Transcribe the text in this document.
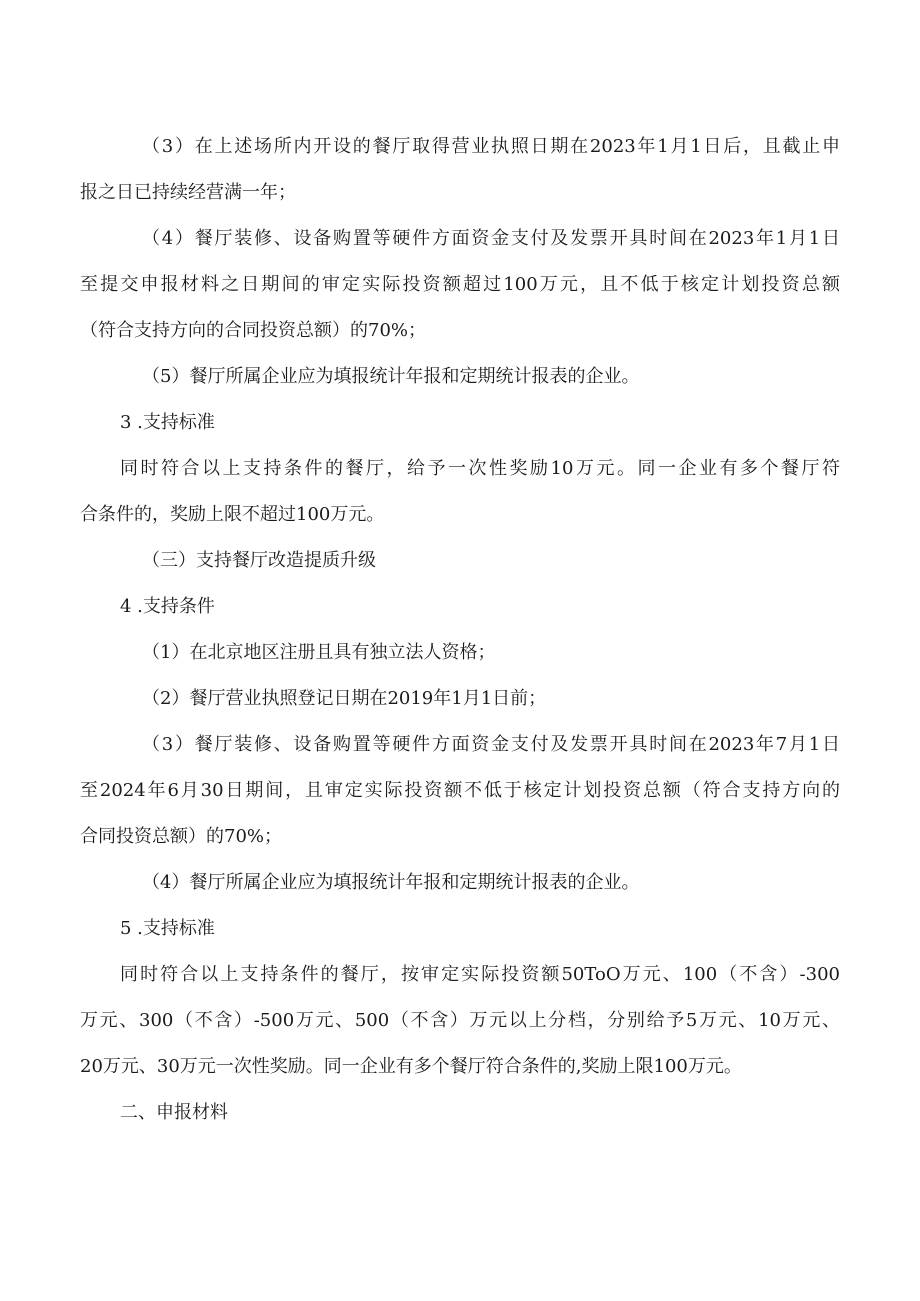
（3）在上述场所内开设的餐厅取得营业执照日期在2023年1月1日后，且截止申
报之日已持续经营满一年；
（4）餐厅装修、设备购置等硬件方面资金支付及发票开具时间在2023年1月1日
至提交申报材料之日期间的审定实际投资额超过100万元，且不低于核定计划投资总额
（符合支持方向的合同投资总额）的70%；
（5）餐厅所属企业应为填报统计年报和定期统计报表的企业。
3 .支持标准
同时符合以上支持条件的餐厅，给予一次性奖励10万元。同一企业有多个餐厅符
合条件的，奖励上限不超过100万元。
（三）支持餐厅改造提质升级
4 .支持条件
（1）在北京地区注册且具有独立法人资格；
（2）餐厅营业执照登记日期在2019年1月1日前；
（3）餐厅装修、设备购置等硬件方面资金支付及发票开具时间在2023年7月1日
至2024年6月30日期间，且审定实际投资额不低于核定计划投资总额（符合支持方向的
合同投资总额）的70%；
（4）餐厅所属企业应为填报统计年报和定期统计报表的企业。
5 .支持标准
同时符合以上支持条件的餐厅，按审定实际投资额50ToO万元、100（不含）-300
万元、300（不含）-500万元、500（不含）万元以上分档，分别给予5万元、10万元、
20万元、30万元一次性奖励。同一企业有多个餐厅符合条件的,奖励上限100万元。
二、申报材料
